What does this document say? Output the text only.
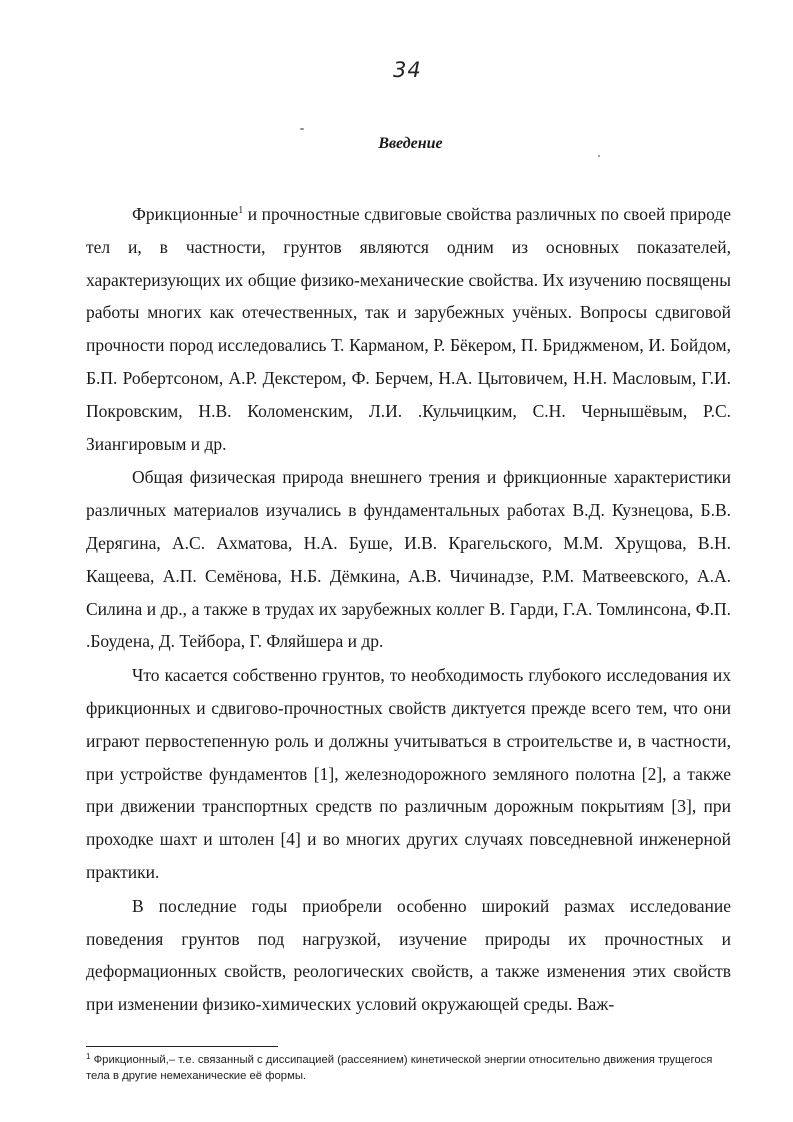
34
Введение

Фрикционные$^1$ и прочностные сдвиговые свойства различных по своей природе тел и, в частности, грунтов являются одним из основных показателей, характеризующих их общие физико-механические свойства. Их изучению посвящены работы многих как отечественных, так и зарубежных учёных. Вопросы сдвиговой прочности пород исследовались Т. Карманом, Р. Бёкером, П. Бриджменом, И. Бойдом, Б.П. Робертсоном, А.Р. Декстером, Ф. Берчем, Н.А. Цытовичем, Н.Н. Масловым, Г.И. Покровским, Н.В. Коломенским, Л.И. .Кульчицким, С.Н. Чернышёвым, Р.С. Зиангировым и др.

Общая физическая природа внешнего трения и фрикционные характеристики различных материалов изучались в фундаментальных работах В.Д. Кузнецова, Б.В. Дерягина, А.С. Ахматова, Н.А. Буше, И.В. Крагельского, М.М. Хрущова, В.Н. Кащеева, А.П. Семёнова, Н.Б. Дёмкина, А.В. Чичинадзе, Р.М. Матвеевского, А.А. Силина и др., а также в трудах их зарубежных коллег В. Гарди, Г.А. Томлинсона, Ф.П. .Боудена, Д. Тейбора, Г. Фляйшера и др.

Что касается собственно грунтов, то необходимость глубокого исследования их фрикционных и сдвигово-прочностных свойств диктуется прежде всего тем, что они играют первостепенную роль и должны учитываться в строительстве и, в частности, при устройстве фундаментов [1], железнодорожного земляного полотна [2], а также при движении транспортных средств по различным дорожным покрытиям [3], при проходке шахт и штолен [4] и во многих других случаях повседневной инженерной практики.

В последние годы приобрели особенно широкий размах исследование поведения грунтов под нагрузкой, изучение природы их прочностных и деформационных свойств, реологических свойств, а также изменения этих свойств при изменении физико-химических условий окружающей среды. Важ-

$^1$ Фрикционный,– т.е. связанный с диссипацией (рассеянием) кинетической энергии относительно движения трущегося тела в другие немеханические её формы.
